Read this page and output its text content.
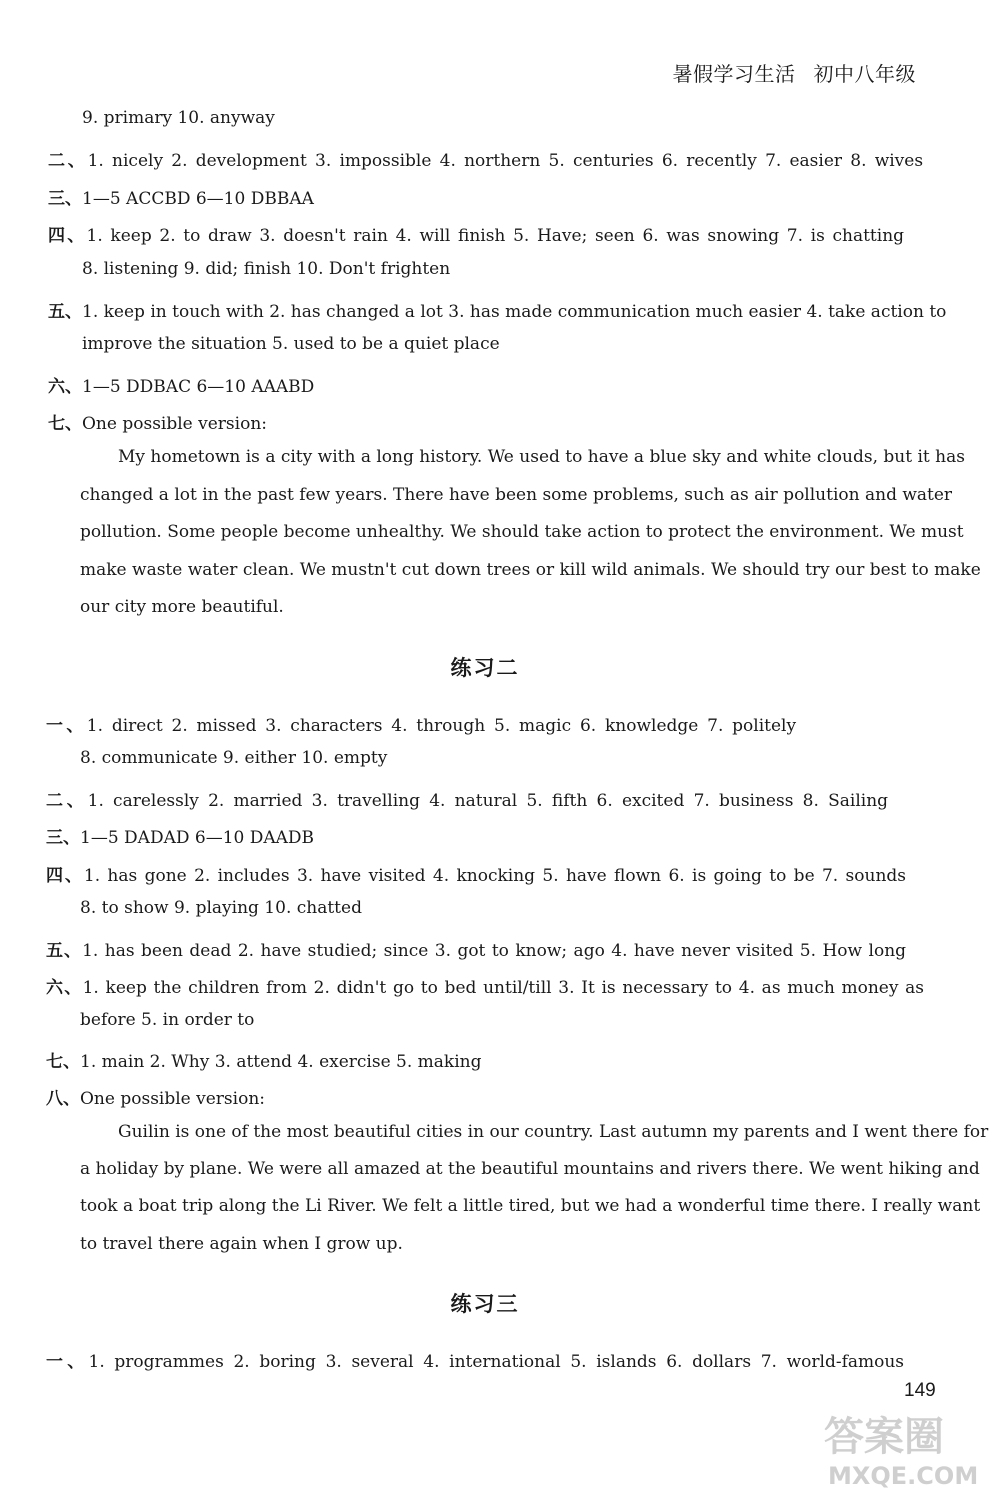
暑假学习生活 初中八年级
9. primary 10. anyway
二、1. nicely 2. development 3. impossible 4. northern 5. centuries 6. recently 7. easier 8. wives
三、1—5 ACCBD 6—10 DBBAA
四、1. keep 2. to draw 3. doesn't rain 4. will finish 5. Have; seen 6. was snowing 7. is chatting
8. listening 9. did; finish 10. Don't frighten
五、1. keep in touch with 2. has changed a lot 3. has made communication much easier 4. take action to
improve the situation 5. used to be a quiet place
六、1—5 DDBAC 6—10 AAABD
七、One possible version:
My hometown is a city with a long history. We used to have a blue sky and white clouds, but it has
changed a lot in the past few years. There have been some problems, such as air pollution and water
pollution. Some people become unhealthy. We should take action to protect the environment. We must
make waste water clean. We mustn't cut down trees or kill wild animals. We should try our best to make
our city more beautiful.
练习二
一、1. direct 2. missed 3. characters 4. through 5. magic 6. knowledge 7. politely
8. communicate 9. either 10. empty
二、1. carelessly 2. married 3. travelling 4. natural 5. fifth 6. excited 7. business 8. Sailing
三、1—5 DADAD 6—10 DAADB
四、1. has gone 2. includes 3. have visited 4. knocking 5. have flown 6. is going to be 7. sounds
8. to show 9. playing 10. chatted
五、1. has been dead 2. have studied; since 3. got to know; ago 4. have never visited 5. How long
六、1. keep the children from 2. didn't go to bed until/till 3. It is necessary to 4. as much money as
before 5. in order to
七、1. main 2. Why 3. attend 4. exercise 5. making
八、One possible version:
Guilin is one of the most beautiful cities in our country. Last autumn my parents and I went there for
a holiday by plane. We were all amazed at the beautiful mountains and rivers there. We went hiking and
took a boat trip along the Li River. We felt a little tired, but we had a wonderful time there. I really want
to travel there again when I grow up.
练习三
一、1. programmes 2. boring 3. several 4. international 5. islands 6. dollars 7. world-famous
149
答案圈
MXQE.COM
